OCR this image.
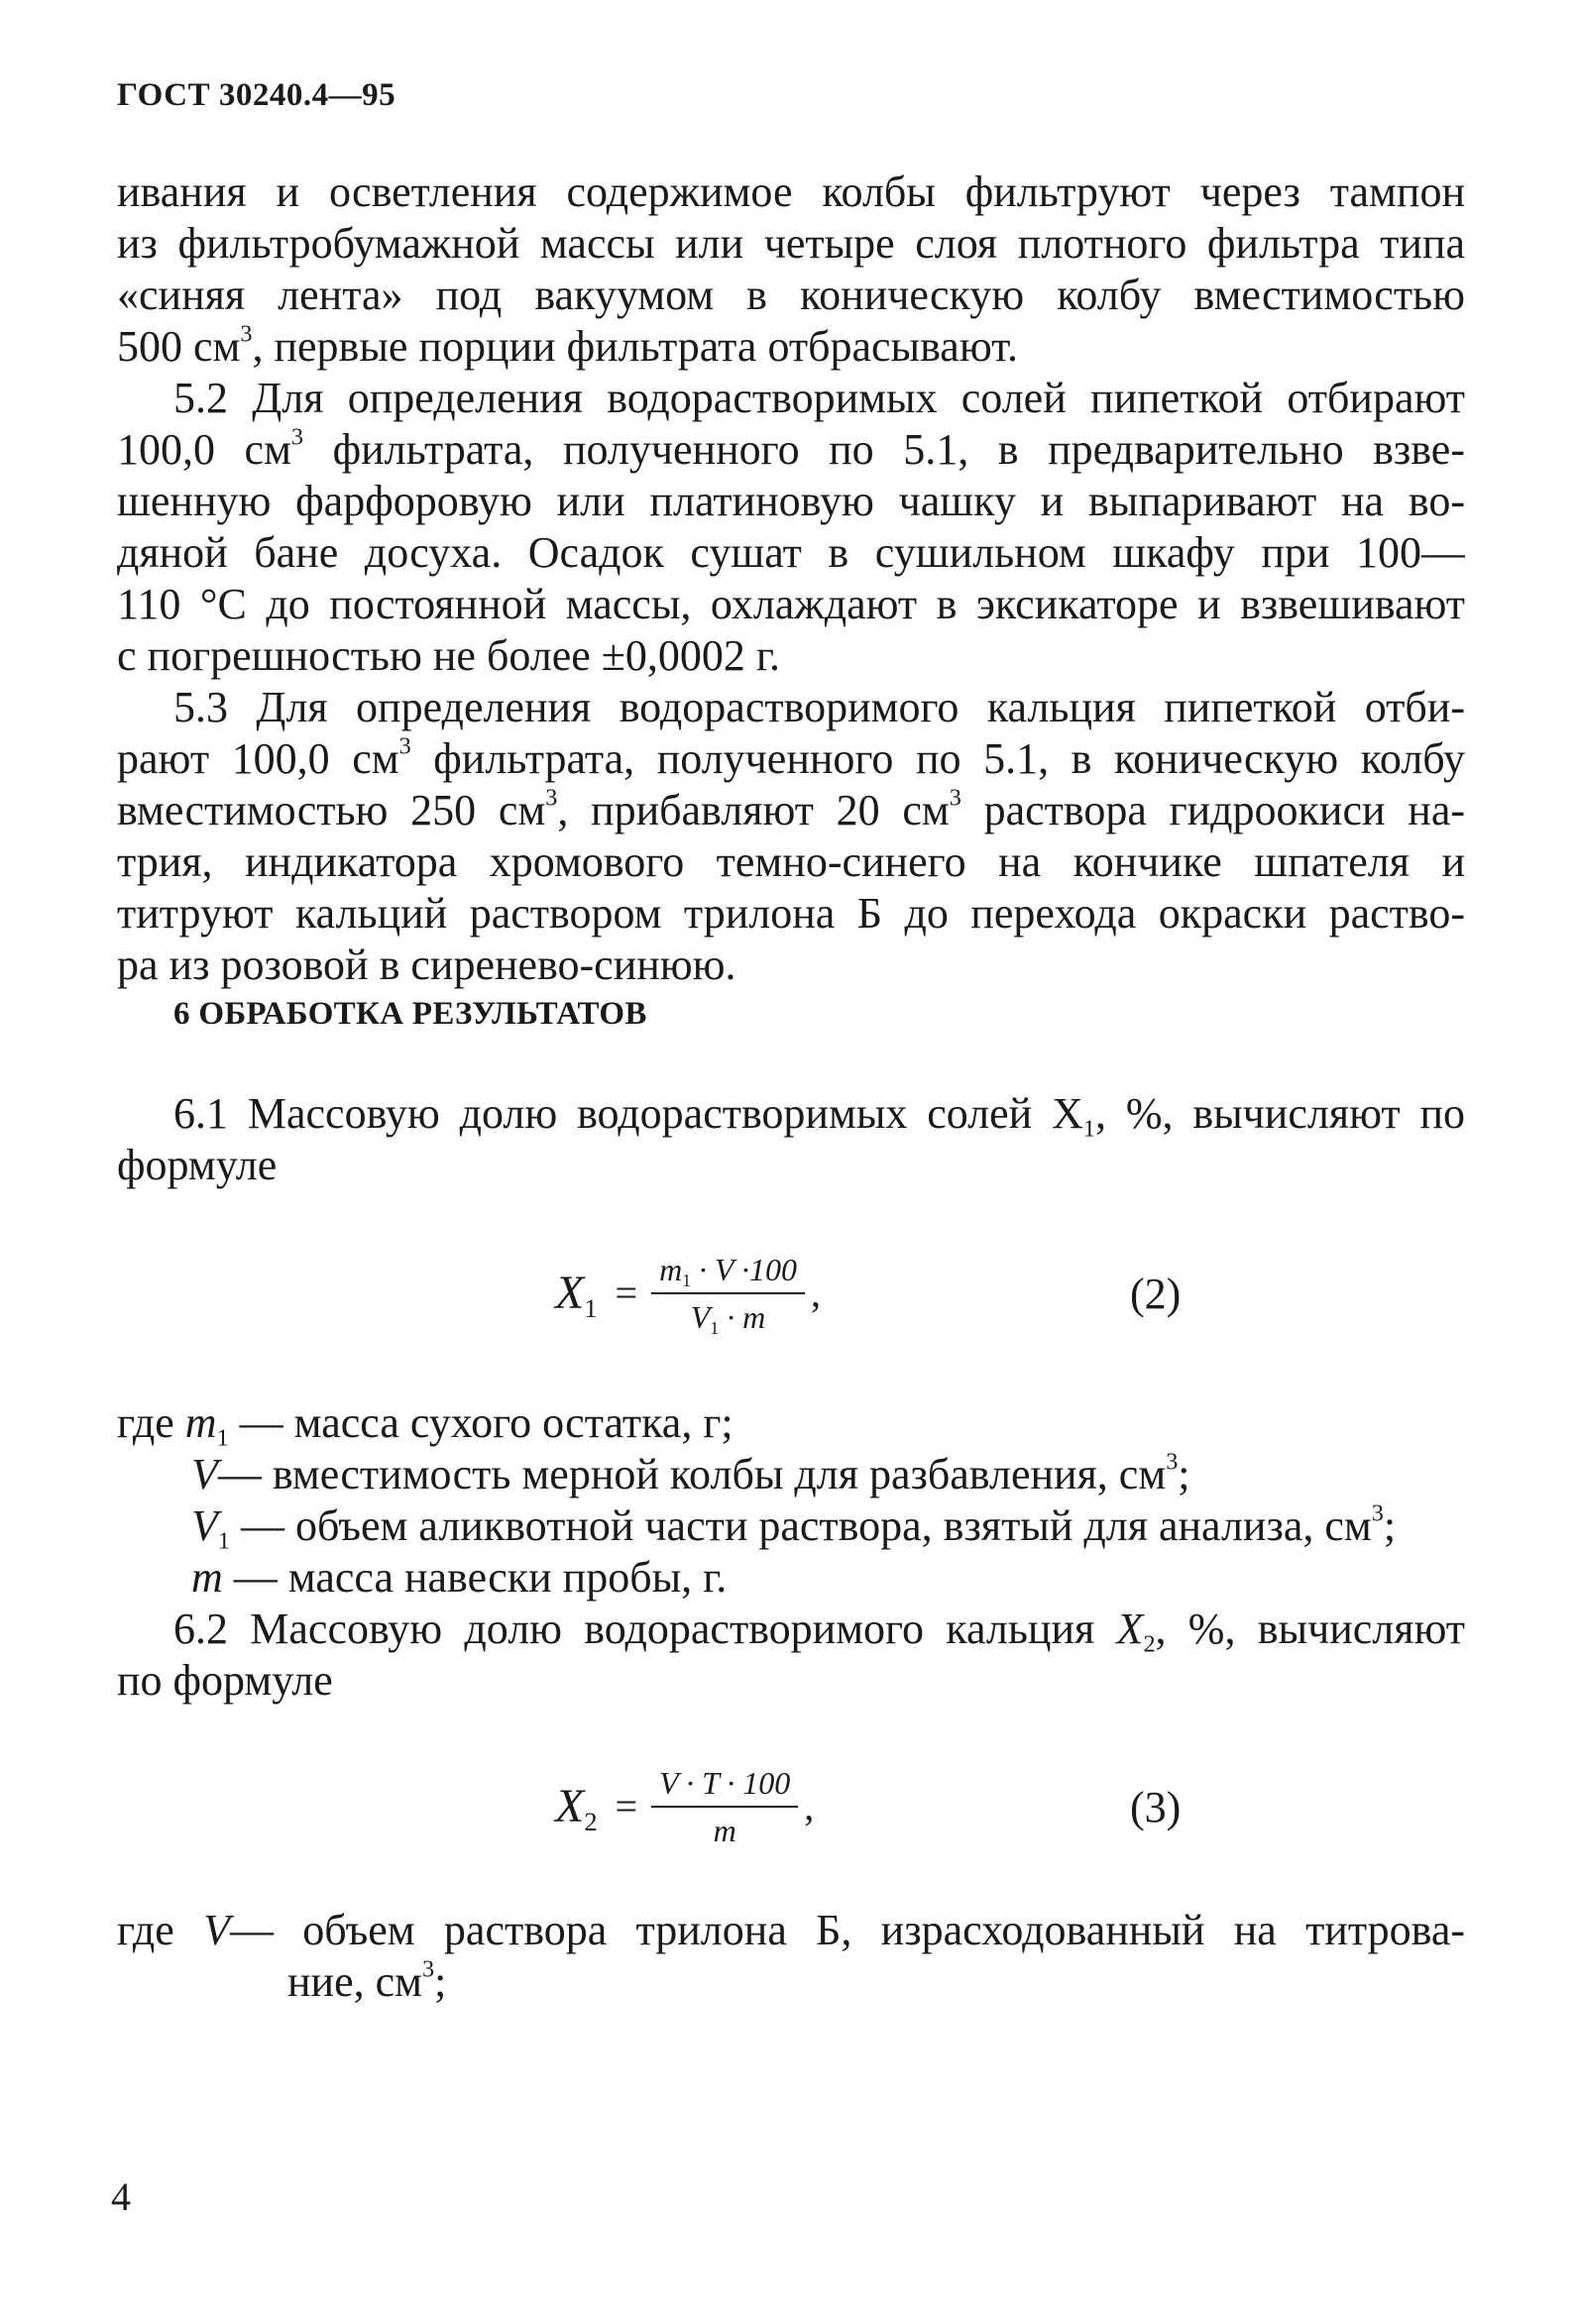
ГОСТ 30240.4—95
ивания и осветления содержимое колбы фильтруют через тампон
из фильтробумажной массы или четыре слоя плотного фильтра типа
«синяя лента» под вакуумом в коническую колбу вместимостью
500 $см^3$, первые порции фильтрата отбрасывают.
5.2 Для определения водорастворимых солей пипеткой отбирают
100,0 $см^3$ фильтрата, полученного по 5.1, в предварительно взве-
шенную фарфоровую или платиновую чашку и выпаривают на во-
дяной бане досуха. Осадок сушат в сушильном шкафу при 100—
110 °С до постоянной массы, охлаждают в эксикаторе и взвешивают
с погрешностью не более ±0,0002 г.
5.3 Для определения водорастворимого кальция пипеткой отби-
рают 100,0 $см^3$ фильтрата, полученного по 5.1, в коническую колбу
вместимостью 250 $см^3$, прибавляют 20 $см^3$ раствора гидроокиси на-
трия, индикатора хромового темно-синего на кончике шпателя и
титруют кальций раствором трилона Б до перехода окраски раство-
ра из розовой в сиренево-синюю.
6 ОБРАБОТКА РЕЗУЛЬТАТОВ
6.1 Массовую долю водорастворимых солей $X_1$, %, вычисляют по
формуле
$X_1 = \frac{m_1 \cdot V \cdot 100}{V_1 \cdot m}$ ,	(2)
где $m_1$ — масса сухого остатка, г;
V— вместимость мерной колбы для разбавления, $см^3$;
$V_1$ — объем аликвотной части раствора, взятый для анализа, $см^3$;
m — масса навески пробы, г.
6.2 Массовую долю водорастворимого кальция $X_2$, %, вычисляют
по формуле
$X_2 = \frac{V \cdot T \cdot 100}{m}$ ,	(3)
где V— объем раствора трилона Б, израсходованный на титрова-
ние, $см^3$;
4
